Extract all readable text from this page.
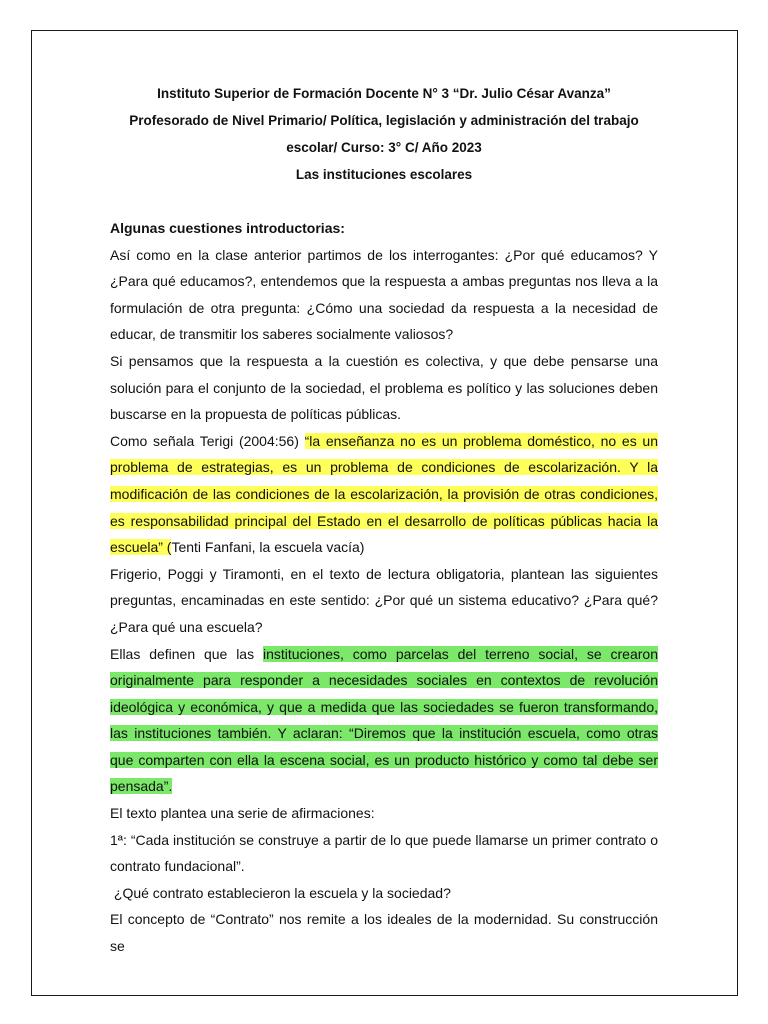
Instituto Superior de Formación Docente N° 3 “Dr. Julio César Avanza”

Profesorado de Nivel Primario/ Política, legislación y administración del trabajo

escolar/ Curso: 3° C/ Año 2023

Las instituciones escolares

Algunas cuestiones introductorias:

Así como en la clase anterior partimos de los interrogantes: ¿Por qué educamos? Y ¿Para qué educamos?, entendemos que la respuesta a ambas preguntas nos lleva a la formulación de otra pregunta: ¿Cómo una sociedad da respuesta a la necesidad de educar, de transmitir los saberes socialmente valiosos?

Si pensamos que la respuesta a la cuestión es colectiva, y que debe pensarse una solución para el conjunto de la sociedad, el problema es político y las soluciones deben buscarse en la propuesta de políticas públicas.

Como señala Terigi (2004:56) “la enseñanza no es un problema doméstico, no es un problema de estrategias, es un problema de condiciones de escolarización. Y la modificación de las condiciones de la escolarización, la provisión de otras condiciones, es responsabilidad principal del Estado en el desarrollo de políticas públicas hacia la escuela” (Tenti Fanfani, la escuela vacía)

Frigerio, Poggi y Tiramonti, en el texto de lectura obligatoria, plantean las siguientes preguntas, encaminadas en este sentido: ¿Por qué un sistema educativo? ¿Para qué? ¿Para qué una escuela?

Ellas definen que las instituciones, como parcelas del terreno social, se crearon originalmente para responder a necesidades sociales en contextos de revolución ideológica y económica, y que a medida que las sociedades se fueron transformando, las instituciones también. Y aclaran: “Diremos que la institución escuela, como otras que comparten con ella la escena social, es un producto histórico y como tal debe ser pensada”.

El texto plantea una serie de afirmaciones:

1ª: “Cada institución se construye a partir de lo que puede llamarse un primer contrato o contrato fundacional”.

¿Qué contrato establecieron la escuela y la sociedad?

El concepto de “Contrato” nos remite a los ideales de la modernidad. Su construcción se
